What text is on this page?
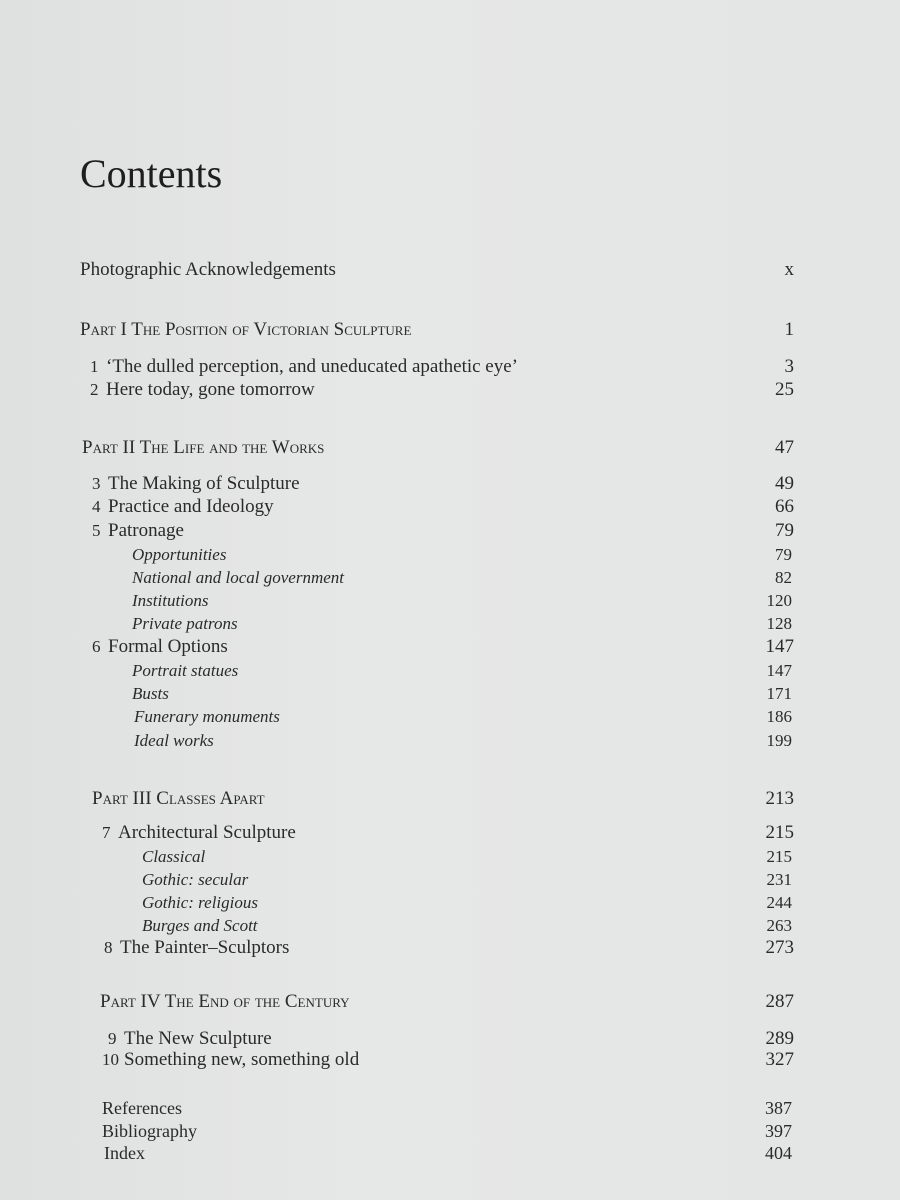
Contents
Photographic Acknowledgements	x
Part I The Position of Victorian Sculpture	1
1 ‘The dulled perception, and uneducated apathetic eye’	3
2 Here today, gone tomorrow	25
Part II The Life and the Works	47
3 The Making of Sculpture	49
4 Practice and Ideology	66
5 Patronage	79
Opportunities	79
National and local government	82
Institutions	120
Private patrons	128
6 Formal Options	147
Portrait statues	147
Busts	171
Funerary monuments	186
Ideal works	199
Part III Classes Apart	213
7 Architectural Sculpture	215
Classical	215
Gothic: secular	231
Gothic: religious	244
Burges and Scott	263
8 The Painter–Sculptors	273
Part IV The End of the Century	287
9 The New Sculpture	289
10 Something new, something old	327
References	387
Bibliography	397
Index	404
